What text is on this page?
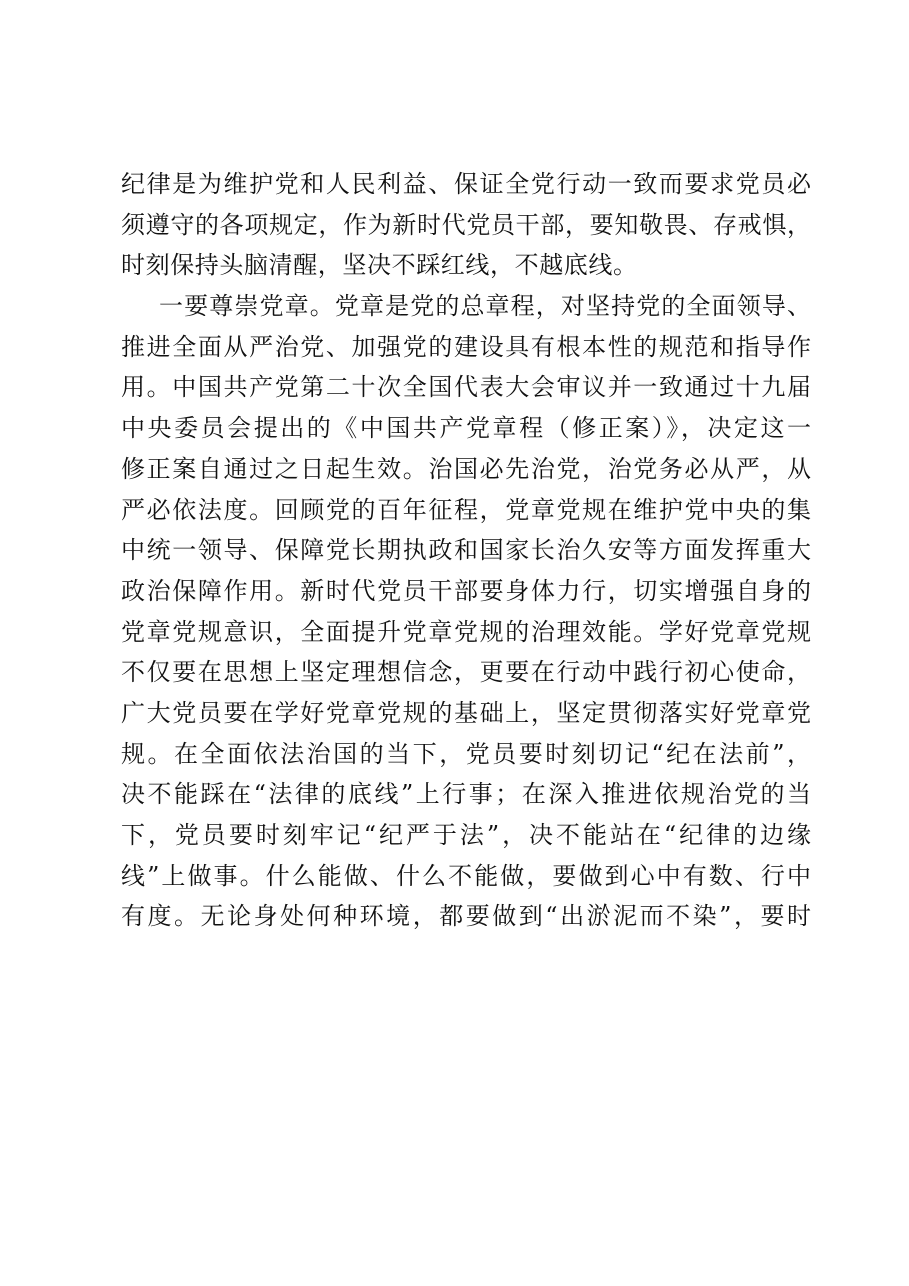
纪律是为维护党和人民利益、保证全党行动一致而要求党员必
须遵守的各项规定，作为新时代党员干部，要知敬畏、存戒惧，
时刻保持头脑清醒，坚决不踩红线，不越底线。
一要尊崇党章。党章是党的总章程，对坚持党的全面领导、
推进全面从严治党、加强党的建设具有根本性的规范和指导作
用。中国共产党第二十次全国代表大会审议并一致通过十九届
中央委员会提出的《中国共产党章程（修正案）》，决定这一
修正案自通过之日起生效。治国必先治党，治党务必从严，从
严必依法度。回顾党的百年征程，党章党规在维护党中央的集
中统一领导、保障党长期执政和国家长治久安等方面发挥重大
政治保障作用。新时代党员干部要身体力行，切实增强自身的
党章党规意识，全面提升党章党规的治理效能。学好党章党规
不仅要在思想上坚定理想信念，更要在行动中践行初心使命，
广大党员要在学好党章党规的基础上，坚定贯彻落实好党章党
规。在全面依法治国的当下，党员要时刻切记“纪在法前”，
决不能踩在“法律的底线”上行事；在深入推进依规治党的当
下，党员要时刻牢记“纪严于法”，决不能站在“纪律的边缘
线”上做事。什么能做、什么不能做，要做到心中有数、行中
有度。无论身处何种环境，都要做到“出淤泥而不染”，要时
